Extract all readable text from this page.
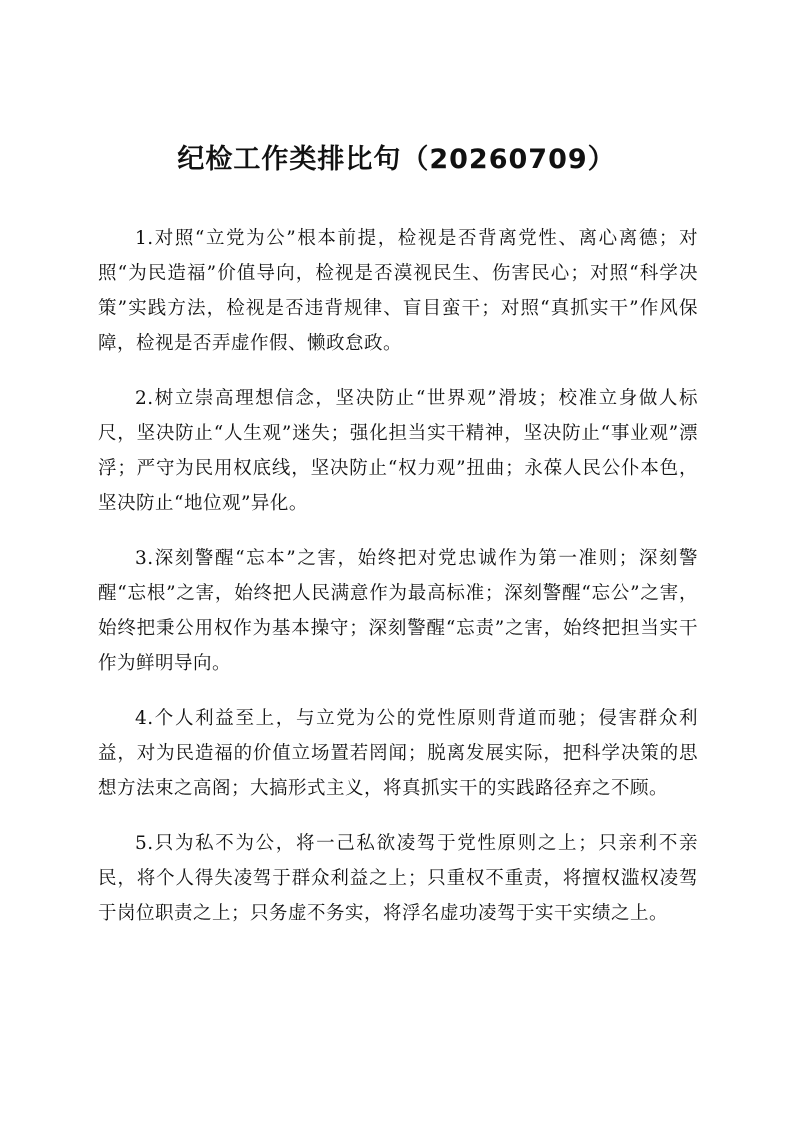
纪检工作类排比句（20260709）

1.对照“立党为公”根本前提，检视是否背离党性、离心离德；对照“为民造福”价值导向，检视是否漠视民生、伤害民心；对照“科学决策”实践方法，检视是否违背规律、盲目蛮干；对照“真抓实干”作风保障，检视是否弄虚作假、懒政怠政。

2.树立崇高理想信念，坚决防止“世界观”滑坡；校准立身做人标尺，坚决防止“人生观”迷失；强化担当实干精神，坚决防止“事业观”漂浮；严守为民用权底线，坚决防止“权力观”扭曲；永葆人民公仆本色，坚决防止“地位观”异化。

3.深刻警醒“忘本”之害，始终把对党忠诚作为第一准则；深刻警醒“忘根”之害，始终把人民满意作为最高标准；深刻警醒“忘公”之害，始终把秉公用权作为基本操守；深刻警醒“忘责”之害，始终把担当实干作为鲜明导向。

4.个人利益至上，与立党为公的党性原则背道而驰；侵害群众利益，对为民造福的价值立场置若罔闻；脱离发展实际，把科学决策的思想方法束之高阁；大搞形式主义，将真抓实干的实践路径弃之不顾。

5.只为私不为公，将一己私欲凌驾于党性原则之上；只亲利不亲民，将个人得失凌驾于群众利益之上；只重权不重责，将擅权滥权凌驾于岗位职责之上；只务虚不务实，将浮名虚功凌驾于实干实绩之上。
